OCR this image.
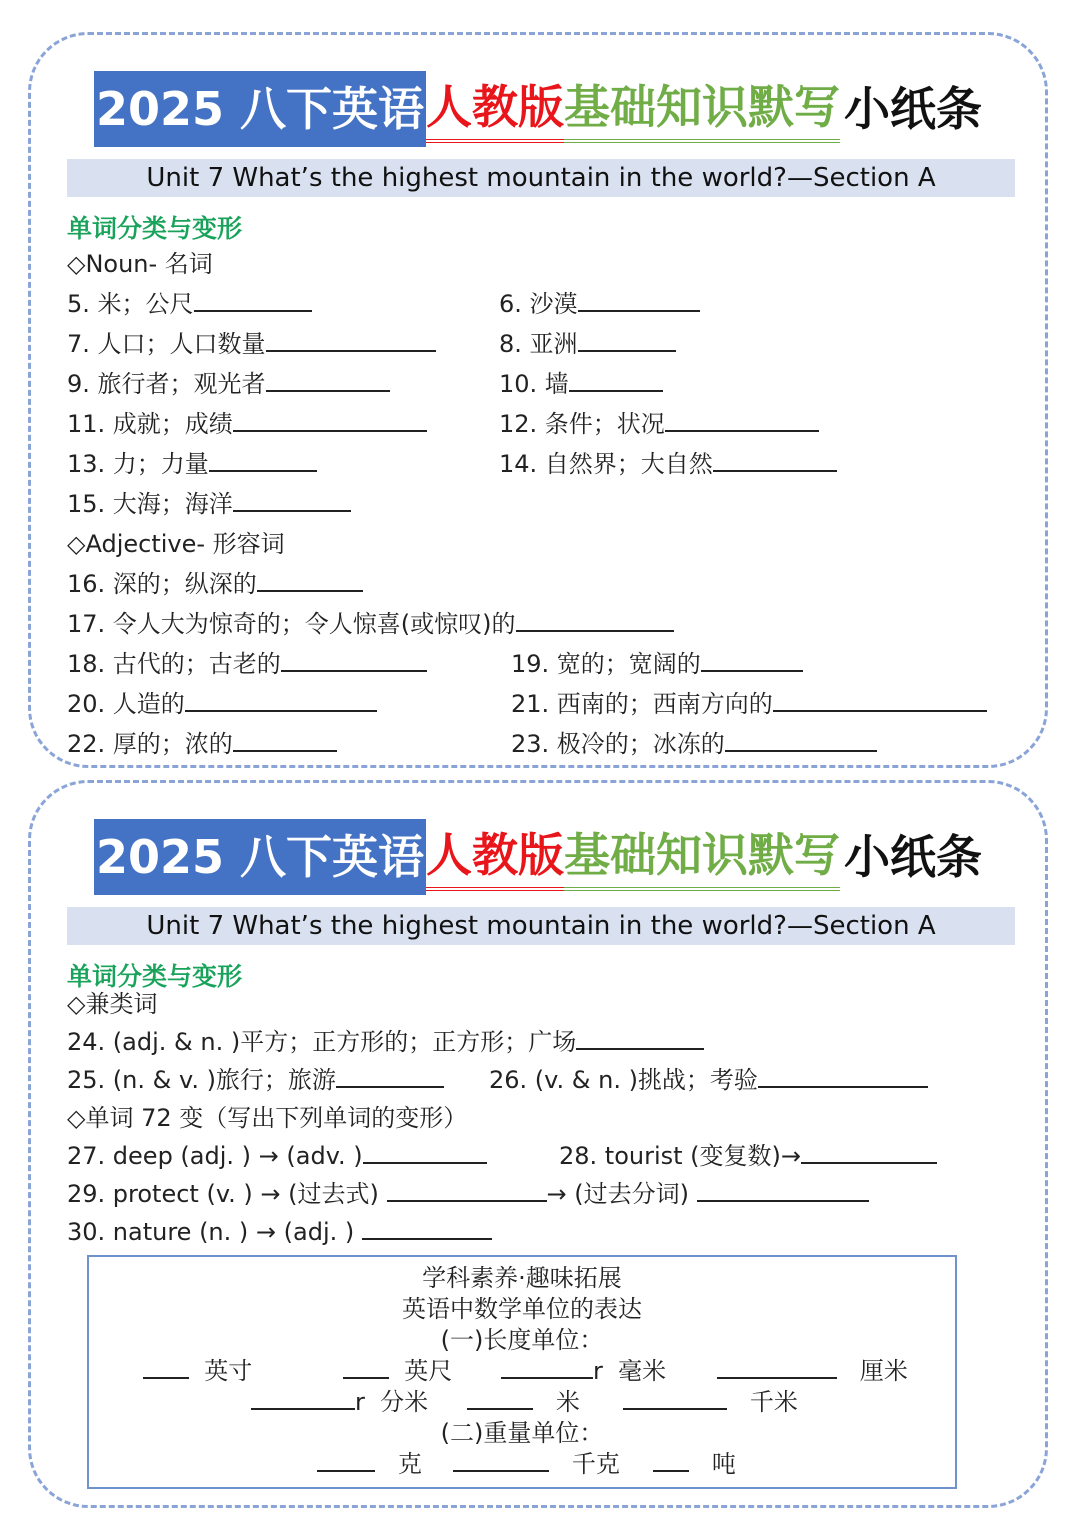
2025 八下英语 人教版 基础知识默写 小纸条
Unit 7 What’s the highest mountain in the world?—Section A
单词分类与变形
◇Noun- 名词
5. 米；公尺	6. 沙漠
7. 人口；人口数量	8. 亚洲
9. 旅行者；观光者	10. 墙
11. 成就；成绩	12. 条件；状况
13. 力；力量	14. 自然界；大自然
15. 大海；海洋
◇Adjective- 形容词
16. 深的；纵深的
17. 令人大为惊奇的；令人惊喜(或惊叹)的
18. 古代的；古老的	19. 宽的；宽阔的
20. 人造的	21. 西南的；西南方向的
22. 厚的；浓的	23. 极冷的；冰冻的
2025 八下英语 人教版 基础知识默写 小纸条
Unit 7 What’s the highest mountain in the world?—Section A
单词分类与变形
◇兼类词
24. (adj. & n. )平方；正方形的；正方形；广场
25. (n. & v. )旅行；旅游	26. (v. & n. )挑战；考验
◇单词 72 变（写出下列单词的变形）
27. deep (adj. ) → (adv. )	28. tourist (变复数)→
29. protect (v. ) → (过去式)	→ (过去分词)
30. nature (n. ) → (adj. )
学科素养·趣味拓展
英语中数学单位的表达
(一)长度单位：
英寸	英尺	r 毫米	厘米
r 分米	米	千米
(二)重量单位：
克	千克	吨
